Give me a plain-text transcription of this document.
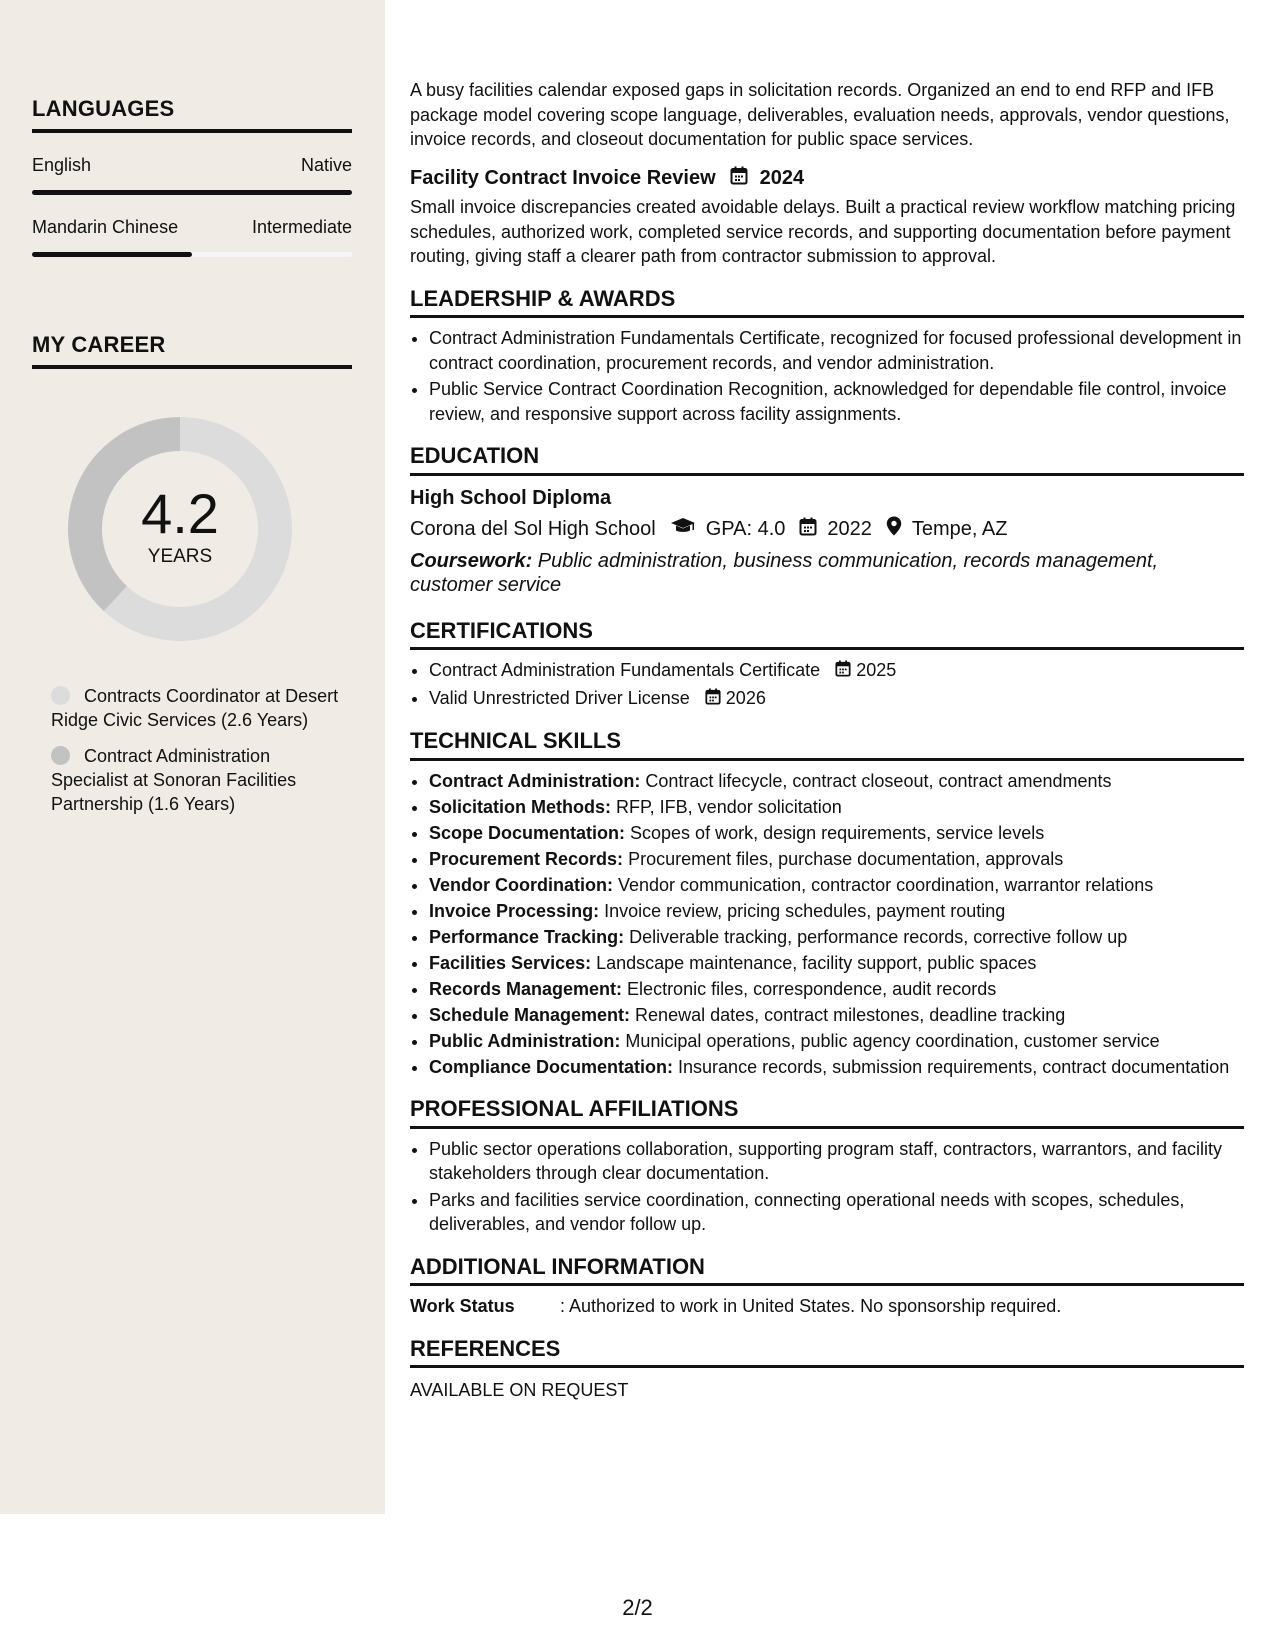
LANGUAGES
English	Native
Mandarin Chinese	Intermediate
MY CAREER
4.2
YEARS
Contracts Coordinator at Desert Ridge Civic Services (2.6 Years)
Contract Administration Specialist at Sonoran Facilities Partnership (1.6 Years)

A busy facilities calendar exposed gaps in solicitation records. Organized an end to end RFP and IFB package model covering scope language, deliverables, evaluation needs, approvals, vendor questions, invoice records, and closeout documentation for public space services.

Facility Contract Invoice Review 2024

Small invoice discrepancies created avoidable delays. Built a practical review workflow matching pricing schedules, authorized work, completed service records, and supporting documentation before payment routing, giving staff a clearer path from contractor submission to approval.

LEADERSHIP & AWARDS
• Contract Administration Fundamentals Certificate, recognized for focused professional development in contract coordination, procurement records, and vendor administration.
• Public Service Contract Coordination Recognition, acknowledged for dependable file control, invoice review, and responsive support across facility assignments.
EDUCATION
High School Diploma
Corona del Sol High School	GPA: 4.0 2022 Tempe, AZ
Coursework: Public administration, business communication, records management, customer service
CERTIFICATIONS
• Contract Administration Fundamentals Certificate 2025
• Valid Unrestricted Driver License 2026
TECHNICAL SKILLS
• Contract Administration: Contract lifecycle, contract closeout, contract amendments
• Solicitation Methods: RFP, IFB, vendor solicitation
• Scope Documentation: Scopes of work, design requirements, service levels
• Procurement Records: Procurement files, purchase documentation, approvals
• Vendor Coordination: Vendor communication, contractor coordination, warrantor relations
• Invoice Processing: Invoice review, pricing schedules, payment routing
• Performance Tracking: Deliverable tracking, performance records, corrective follow up
• Facilities Services: Landscape maintenance, facility support, public spaces
• Records Management: Electronic files, correspondence, audit records
• Schedule Management: Renewal dates, contract milestones, deadline tracking
• Public Administration: Municipal operations, public agency coordination, customer service
• Compliance Documentation: Insurance records, submission requirements, contract documentation
PROFESSIONAL AFFILIATIONS
• Public sector operations collaboration, supporting program staff, contractors, warrantors, and facility stakeholders through clear documentation.
• Parks and facilities service coordination, connecting operational needs with scopes, schedules, deliverables, and vendor follow up.
ADDITIONAL INFORMATION
Work Status	: Authorized to work in United States. No sponsorship required.
REFERENCES
AVAILABLE ON REQUEST
2/2
